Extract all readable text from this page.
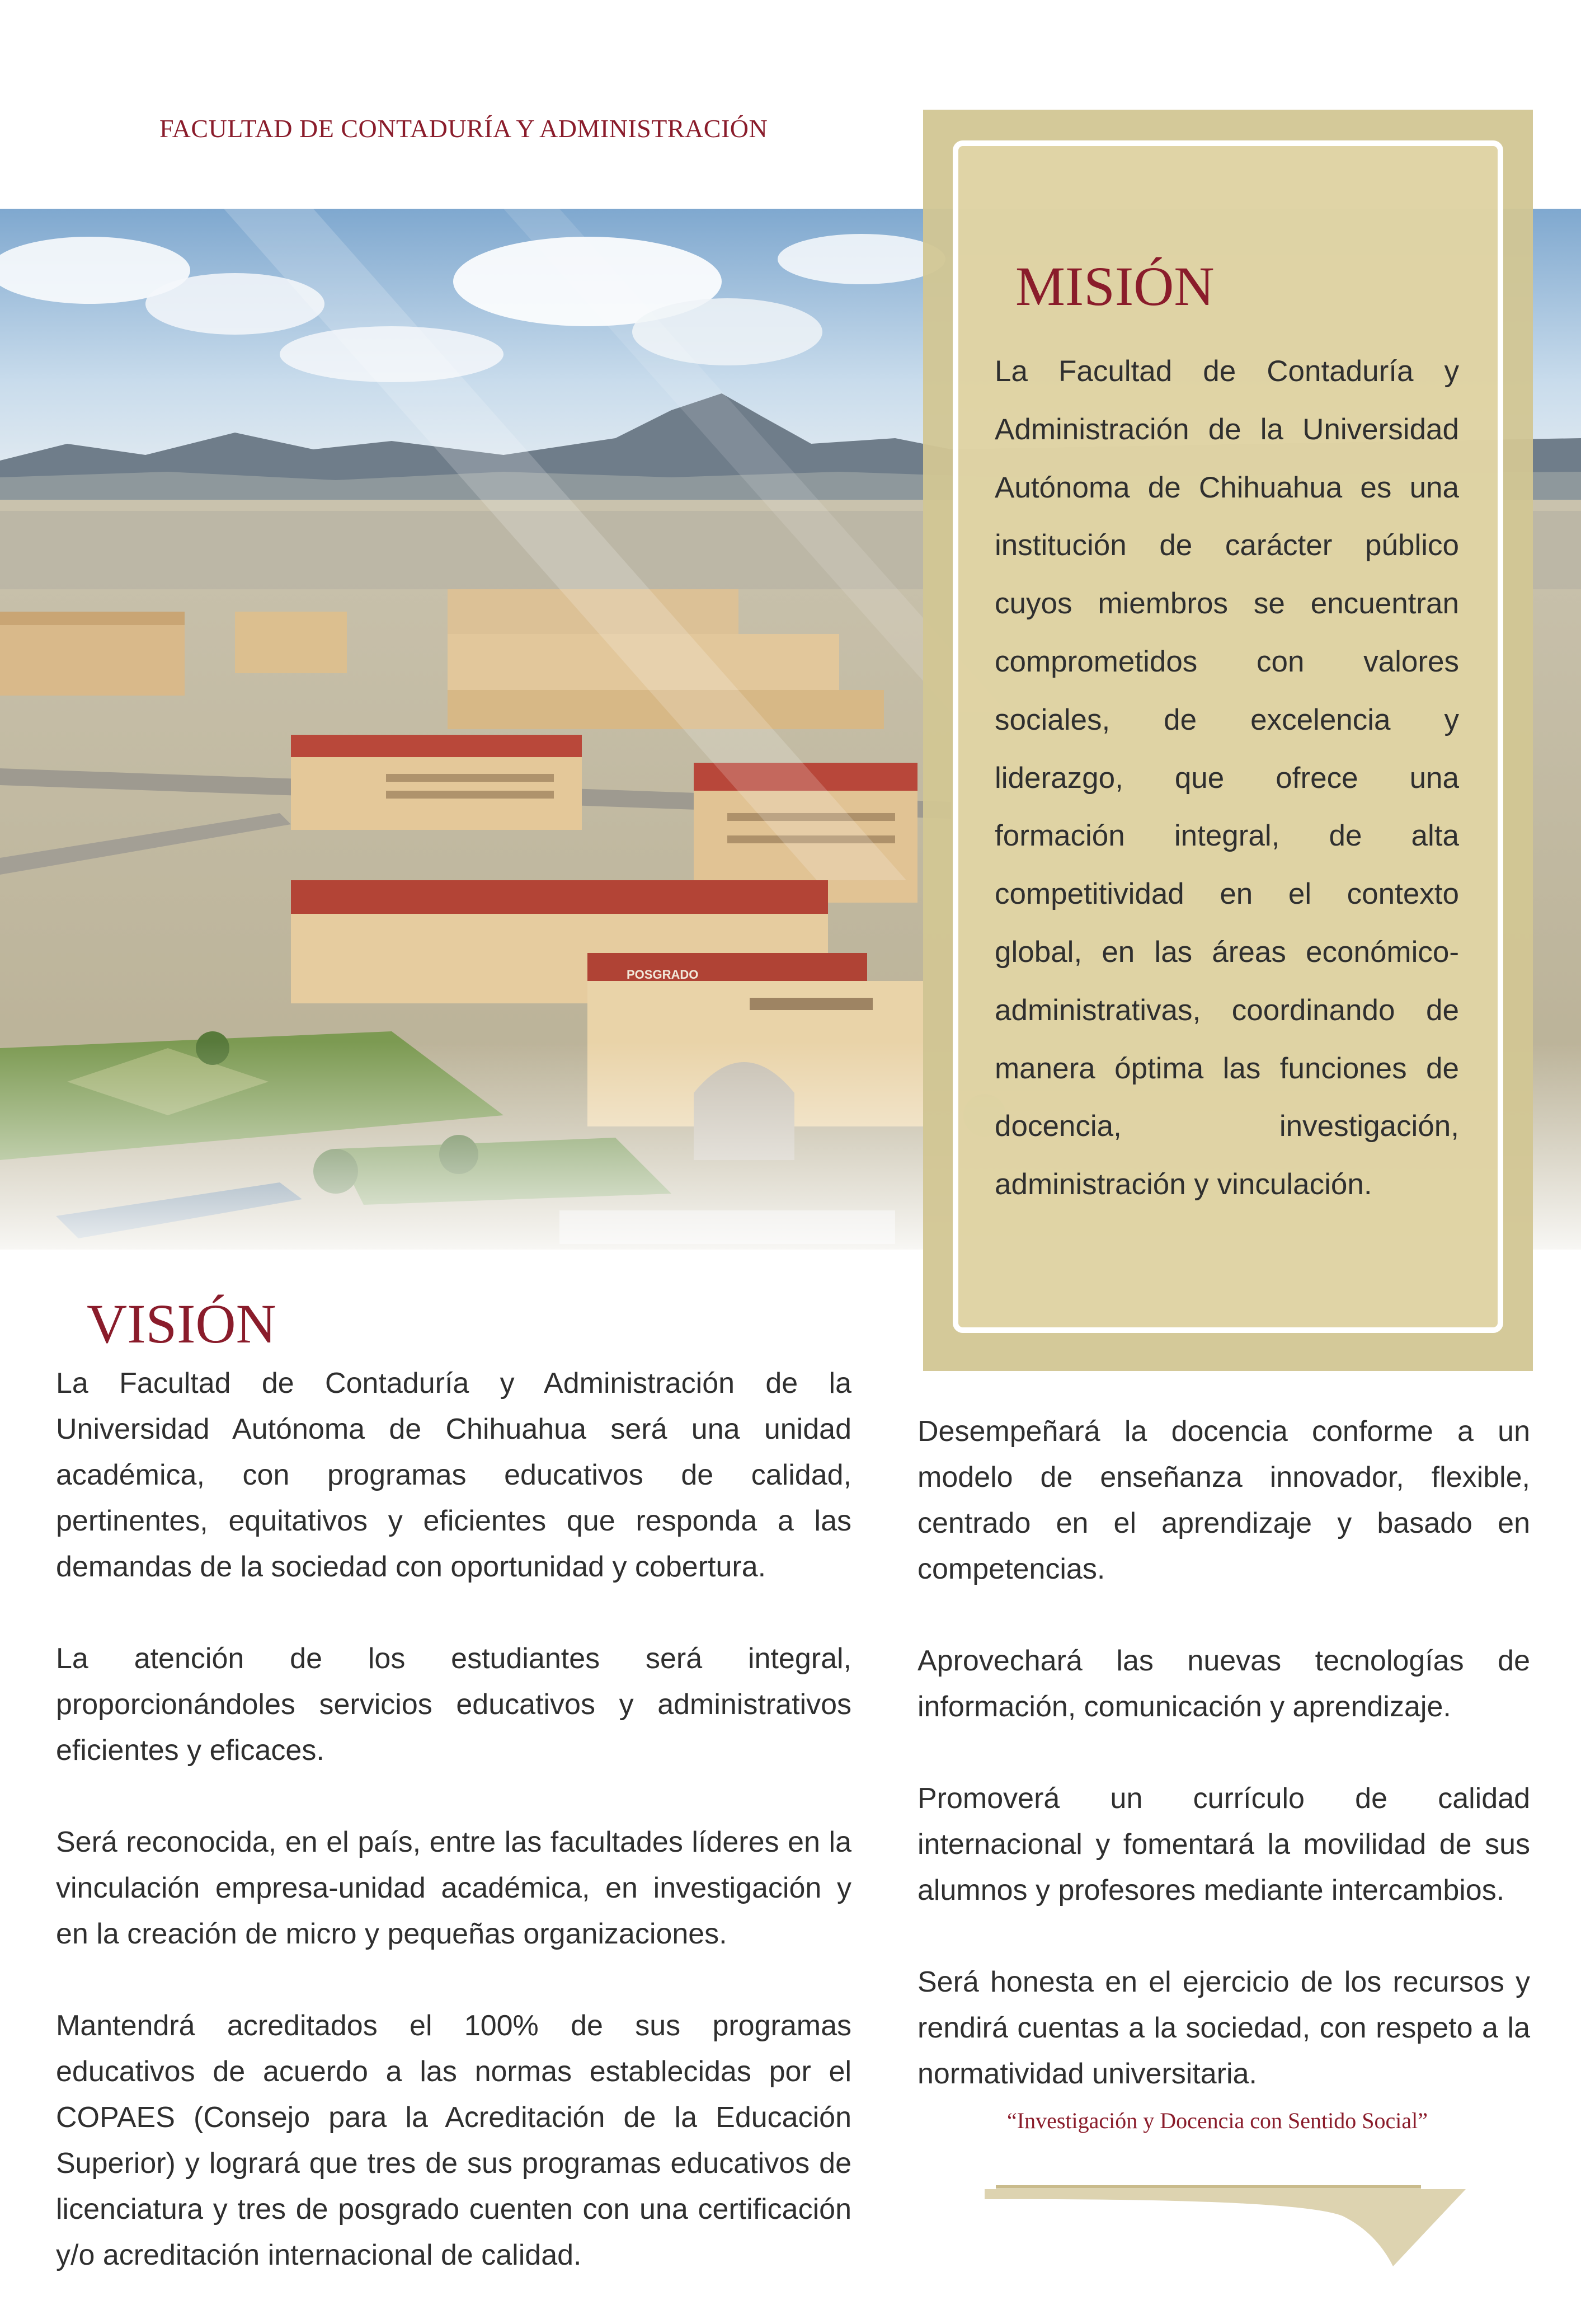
FACULTAD DE CONTADURÍA Y ADMINISTRACIÓN
MISIÓN

La Facultad de Contaduría y Administración de la Universidad Autónoma de Chihuahua es una institución de carácter público cuyos miembros se encuentran comprometidos con valores sociales, de excelencia y liderazgo, que ofrece una formación integral, de alta competitividad en el contexto global, en las áreas económico-administrativas, coordinando de manera óptima las funciones de docencia, investigación, administración y vinculación.

VISIÓN

La Facultad de Contaduría y Administración de la Universidad Autónoma de Chihuahua será una unidad académica, con programas educativos de calidad, pertinentes, equitativos y eficientes que responda a las demandas de la sociedad con oportunidad y cobertura.

La atención de los estudiantes será integral, proporcionándoles servicios educativos y administrativos eficientes y eficaces.

Será reconocida, en el país, entre las facultades líderes en la vinculación empresa-unidad académica, en investigación y en la creación de micro y pequeñas organizaciones.

Mantendrá acreditados el 100% de sus programas educativos de acuerdo a las normas establecidas por el COPAES (Consejo para la Acreditación de la Educación Superior) y logrará que tres de sus programas educativos de licenciatura y tres de posgrado cuenten con una certificación y/o acreditación internacional de calidad.

Desempeñará la docencia conforme a un modelo de enseñanza innovador, flexible, centrado en el aprendizaje y basado en competencias.

Aprovechará las nuevas tecnologías de información, comunicación y aprendizaje.

Promoverá un currículo de calidad internacional y fomentará la movilidad de sus alumnos y profesores mediante intercambios.

Será honesta en el ejercicio de los recursos y rendirá cuentas a la sociedad, con respeto a la normatividad universitaria.

“Investigación y Docencia con Sentido Social”
